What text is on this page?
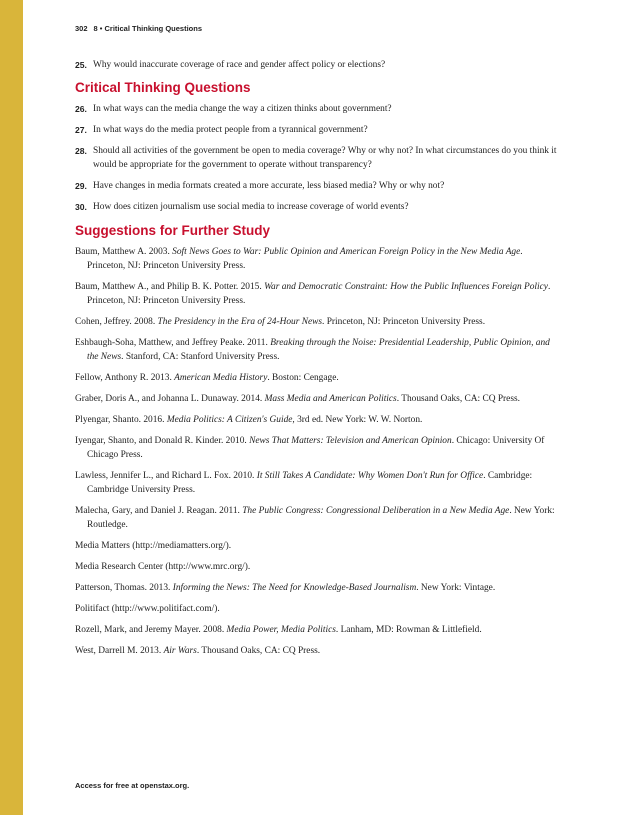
302 8 • Critical Thinking Questions
25. Why would inaccurate coverage of race and gender affect policy or elections?
Critical Thinking Questions
26. In what ways can the media change the way a citizen thinks about government?
27. In what ways do the media protect people from a tyrannical government?
28. Should all activities of the government be open to media coverage? Why or why not? In what circumstances do you think it would be appropriate for the government to operate without transparency?
29. Have changes in media formats created a more accurate, less biased media? Why or why not?
30. How does citizen journalism use social media to increase coverage of world events?
Suggestions for Further Study
Baum, Matthew A. 2003. Soft News Goes to War: Public Opinion and American Foreign Policy in the New Media Age. Princeton, NJ: Princeton University Press.
Baum, Matthew A., and Philip B. K. Potter. 2015. War and Democratic Constraint: How the Public Influences Foreign Policy. Princeton, NJ: Princeton University Press.
Cohen, Jeffrey. 2008. The Presidency in the Era of 24-Hour News. Princeton, NJ: Princeton University Press.
Eshbaugh-Soha, Matthew, and Jeffrey Peake. 2011. Breaking through the Noise: Presidential Leadership, Public Opinion, and the News. Stanford, CA: Stanford University Press.
Fellow, Anthony R. 2013. American Media History. Boston: Cengage.
Graber, Doris A., and Johanna L. Dunaway. 2014. Mass Media and American Politics. Thousand Oaks, CA: CQ Press.
Plyengar, Shanto. 2016. Media Politics: A Citizen's Guide, 3rd ed. New York: W. W. Norton.
Iyengar, Shanto, and Donald R. Kinder. 2010. News That Matters: Television and American Opinion. Chicago: University Of Chicago Press.
Lawless, Jennifer L., and Richard L. Fox. 2010. It Still Takes A Candidate: Why Women Don't Run for Office. Cambridge: Cambridge University Press.
Malecha, Gary, and Daniel J. Reagan. 2011. The Public Congress: Congressional Deliberation in a New Media Age. New York: Routledge.
Media Matters (http://mediamatters.org/).
Media Research Center (http://www.mrc.org/).
Patterson, Thomas. 2013. Informing the News: The Need for Knowledge-Based Journalism. New York: Vintage.
Politifact (http://www.politifact.com/).
Rozell, Mark, and Jeremy Mayer. 2008. Media Power, Media Politics. Lanham, MD: Rowman & Littlefield.
West, Darrell M. 2013. Air Wars. Thousand Oaks, CA: CQ Press.
Access for free at openstax.org.
